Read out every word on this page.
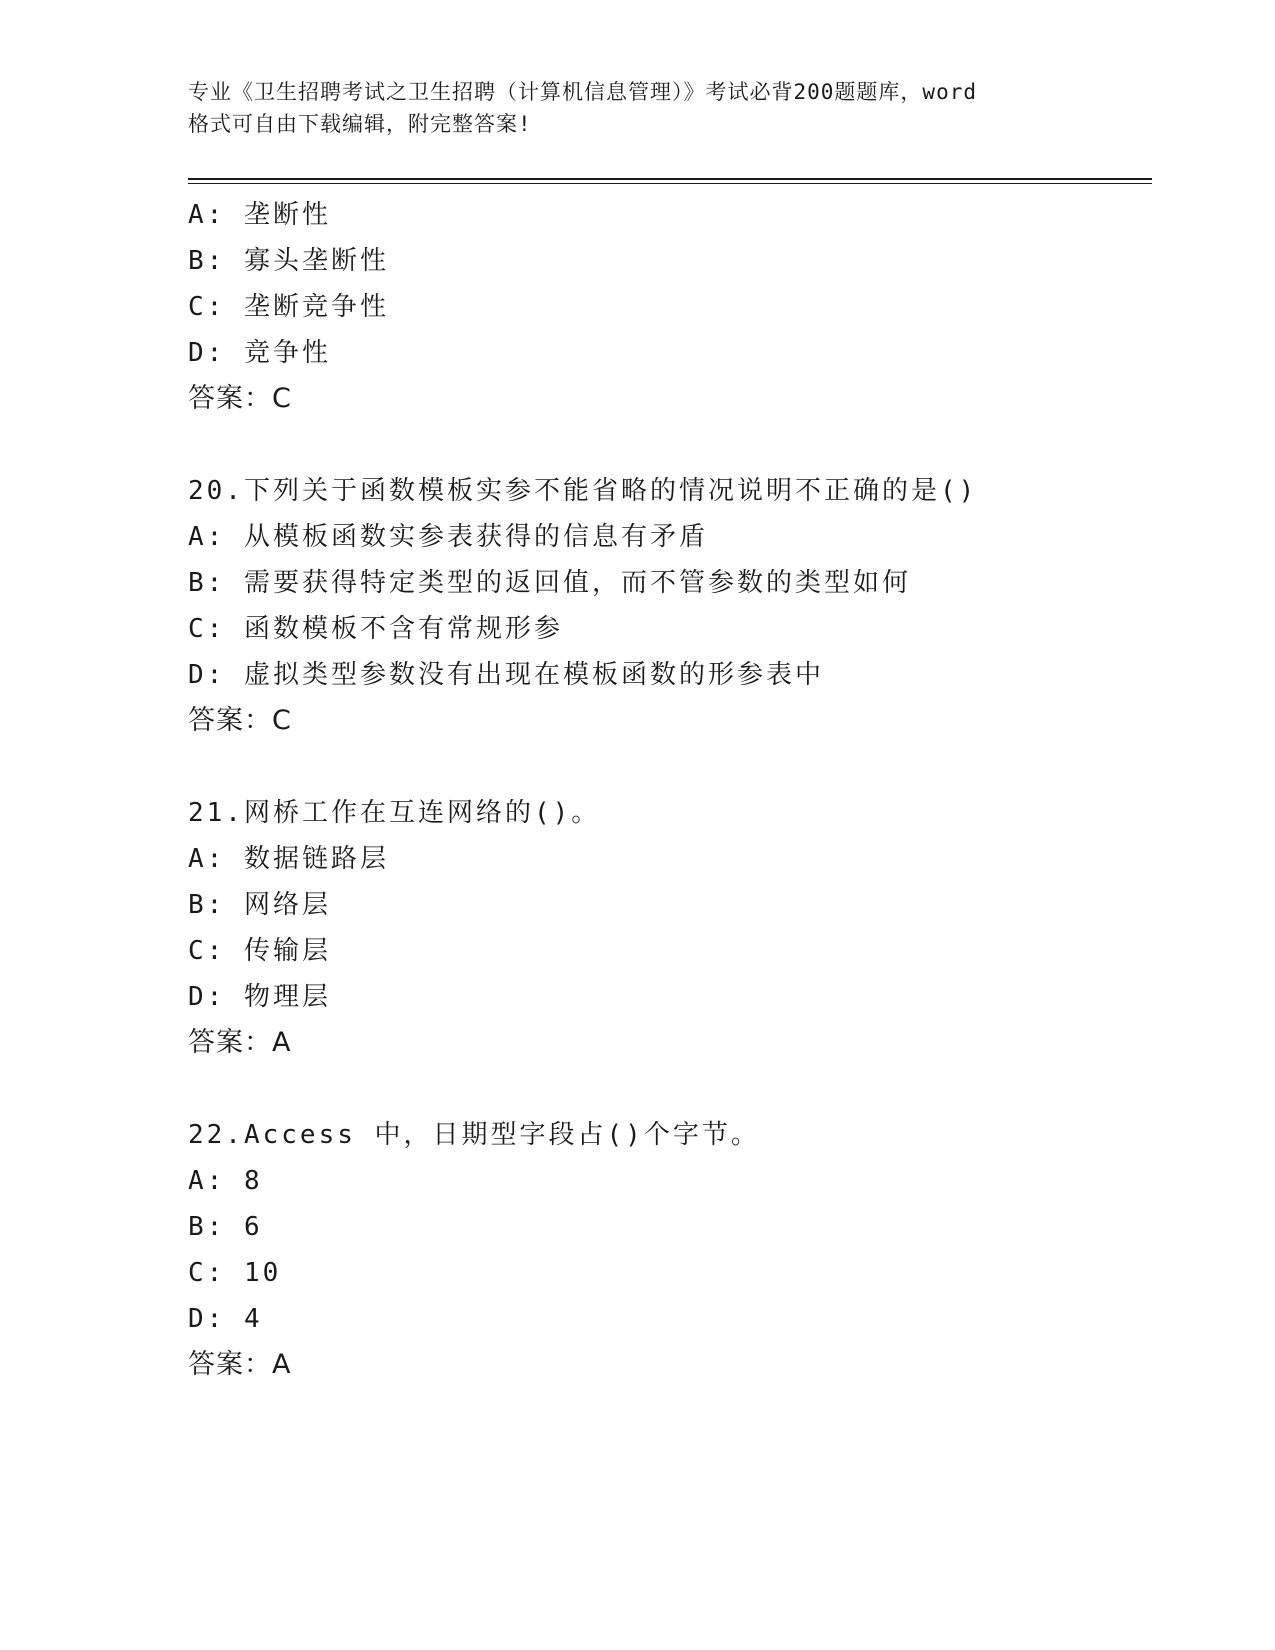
专业《卫生招聘考试之卫生招聘（计算机信息管理）》考试必背200题题库，word
格式可自由下载编辑，附完整答案!
A: 垄断性
B: 寡头垄断性
C: 垄断竞争性
D: 竞争性
答案：C
20.下列关于函数模板实参不能省略的情况说明不正确的是()
A: 从模板函数实参表获得的信息有矛盾
B: 需要获得特定类型的返回值，而不管参数的类型如何
C: 函数模板不含有常规形参
D: 虚拟类型参数没有出现在模板函数的形参表中
答案：C
21.网桥工作在互连网络的()。
A: 数据链路层
B: 网络层
C: 传输层
D: 物理层
答案：A
22.Access 中，日期型字段占()个字节。
A: 8
B: 6
C: 10
D: 4
答案：A
